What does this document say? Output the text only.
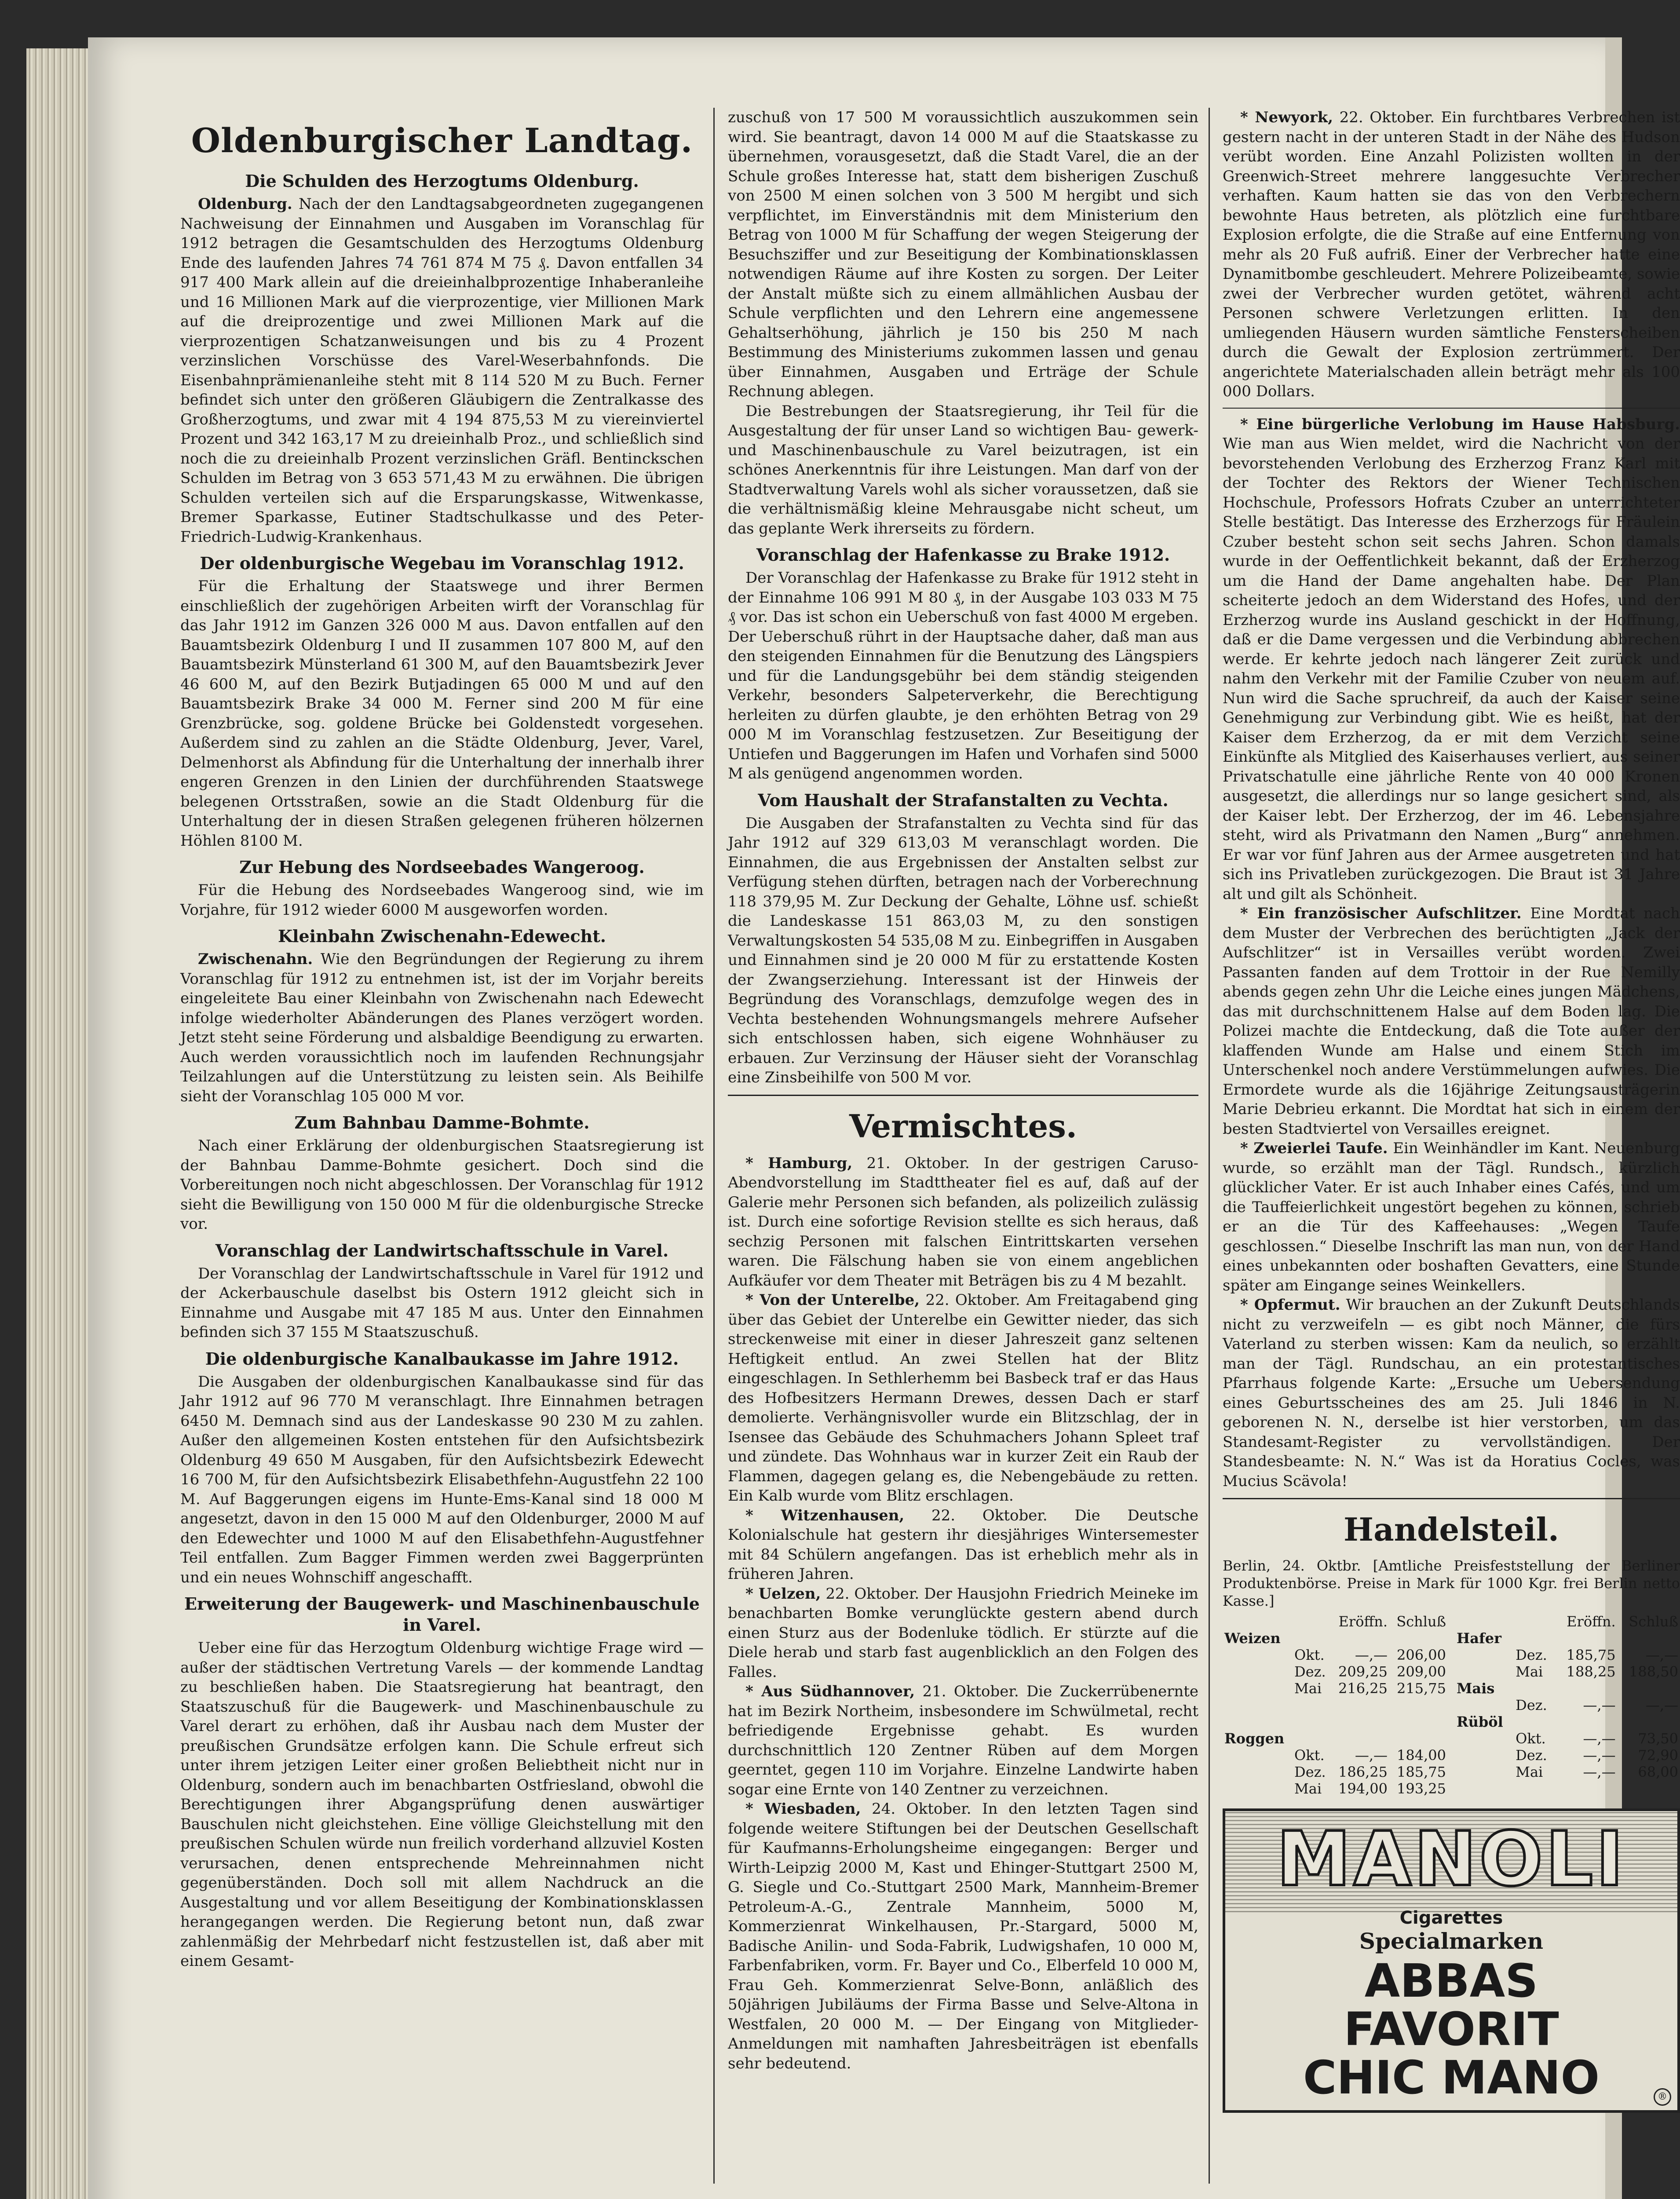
Oldenburgischer Landtag.
Die Schulden des Herzogtums Oldenburg.

Oldenburg. Nach der den Landtagsabgeordneten zugegangenen Nachweisung der Einnahmen und Ausgaben im Voranschlag für 1912 betragen die Gesamtschulden des Herzogtums Oldenburg Ende des laufenden Jahres 74 761 874 M 75 ₰. Davon entfallen 34 917 400 Mark allein auf die dreieinhalbprozentige Inhaberanleihe und 16 Millionen Mark auf die vierprozentige, vier Millionen Mark auf die dreiprozentige und zwei Millionen Mark auf die vierprozentigen Schatzanweisungen und bis zu 4 Prozent verzinslichen Vorschüsse des Varel-Weserbahnfonds. Die Eisenbahnprämienanleihe steht mit 8 114 520 M zu Buch. Ferner befindet sich unter den größeren Gläubigern die Zentralkasse des Großherzogtums, und zwar mit 4 194 875,53 M zu viereinviertel Prozent und 342 163,17 M zu dreieinhalb Proz., und schließlich sind noch die zu dreieinhalb Prozent verzinslichen Gräfl. Bentinckschen Schulden im Betrag von 3 653 571,43 M zu erwähnen. Die übrigen Schulden verteilen sich auf die Ersparungskasse, Witwenkasse, Bremer Sparkasse, Eutiner Stadtschulkasse und des Peter-Friedrich-Ludwig-Krankenhaus.

Der oldenburgische Wegebau im Voranschlag 1912.

Für die Erhaltung der Staatswege und ihrer Bermen einschließlich der zugehörigen Arbeiten wirft der Voranschlag für das Jahr 1912 im Ganzen 326 000 M aus. Davon entfallen auf den Bauamtsbezirk Oldenburg I und II zusammen 107 800 M, auf den Bauamtsbezirk Münsterland 61 300 M, auf den Bauamtsbezirk Jever 46 600 M, auf den Bezirk Butjadingen 65 000 M und auf den Bauamtsbezirk Brake 34 000 M. Ferner sind 200 M für eine Grenzbrücke, sog. goldene Brücke bei Goldenstedt vorgesehen. Außerdem sind zu zahlen an die Städte Oldenburg, Jever, Varel, Delmenhorst als Abfindung für die Unterhaltung der innerhalb ihrer engeren Grenzen in den Linien der durchführenden Staatswege belegenen Ortsstraßen, sowie an die Stadt Oldenburg für die Unterhaltung der in diesen Straßen gelegenen früheren hölzernen Höhlen 8100 M.

Zur Hebung des Nordseebades Wangeroog.

Für die Hebung des Nordseebades Wangeroog sind, wie im Vorjahre, für 1912 wieder 6000 M ausgeworfen worden.

Kleinbahn Zwischenahn-Edewecht.

Zwischenahn. Wie den Begründungen der Regierung zu ihrem Voranschlag für 1912 zu entnehmen ist, ist der im Vorjahr bereits eingeleitete Bau einer Kleinbahn von Zwischenahn nach Edewecht infolge wiederholter Abänderungen des Planes verzögert worden. Jetzt steht seine Förderung und alsbaldige Beendigung zu erwarten. Auch werden voraussichtlich noch im laufenden Rechnungsjahr Teilzahlungen auf die Unterstützung zu leisten sein. Als Beihilfe sieht der Voranschlag 105 000 M vor.

Zum Bahnbau Damme-Bohmte.

Nach einer Erklärung der oldenburgischen Staatsregierung ist der Bahnbau Damme-Bohmte gesichert. Doch sind die Vorbereitungen noch nicht abgeschlossen. Der Voranschlag für 1912 sieht die Bewilligung von 150 000 M für die oldenburgische Strecke vor.

Voranschlag der Landwirtschaftsschule in Varel.

Der Voranschlag der Landwirtschaftsschule in Varel für 1912 und der Ackerbauschule daselbst bis Ostern 1912 gleicht sich in Einnahme und Ausgabe mit 47 185 M aus. Unter den Einnahmen befinden sich 37 155 M Staatszuschuß.

Die oldenburgische Kanalbaukasse im Jahre 1912.

Die Ausgaben der oldenburgischen Kanalbaukasse sind für das Jahr 1912 auf 96 770 M veranschlagt. Ihre Einnahmen betragen 6450 M. Demnach sind aus der Landeskasse 90 230 M zu zahlen. Außer den allgemeinen Kosten entstehen für den Aufsichtsbezirk Oldenburg 49 650 M Ausgaben, für den Aufsichtsbezirk Edewecht 16 700 M, für den Aufsichtsbezirk Elisabethfehn-Augustfehn 22 100 M. Auf Baggerungen eigens im Hunte-Ems-Kanal sind 18 000 M angesetzt, davon in den 15 000 M auf den Oldenburger, 2000 M auf den Edewechter und 1000 M auf den Elisabethfehn-Augustfehner Teil entfallen. Zum Bagger Fimmen werden zwei Baggerprünten und ein neues Wohnschiff angeschafft.

Erweiterung der Baugewerk- und Maschinenbauschule in Varel.

Ueber eine für das Herzogtum Oldenburg wichtige Frage wird — außer der städtischen Vertretung Varels — der kommende Landtag zu beschließen haben. Die Staatsregierung hat beantragt, den Staatszuschuß für die Baugewerk- und Maschinenbauschule zu Varel derart zu erhöhen, daß ihr Ausbau nach dem Muster der preußischen Grundsätze erfolgen kann. Die Schule erfreut sich unter ihrem jetzigen Leiter einer großen Beliebtheit nicht nur in Oldenburg, sondern auch im benachbarten Ostfriesland, obwohl die Berechtigungen ihrer Abgangsprüfung denen auswärtiger Bauschulen nicht gleichstehen. Eine völlige Gleichstellung mit den preußischen Schulen würde nun freilich vorderhand allzuviel Kosten verursachen, denen entsprechende Mehreinnahmen nicht gegenüberständen. Doch soll mit allem Nachdruck an die Ausgestaltung und vor allem Beseitigung der Kombinationsklassen herangegangen werden. Die Regierung betont nun, daß zwar zahlenmäßig der Mehrbedarf nicht festzustellen ist, daß aber mit einem Gesamt-

zuschuß von 17 500 M voraussichtlich auszukommen sein wird. Sie beantragt, davon 14 000 M auf die Staatskasse zu übernehmen, vorausgesetzt, daß die Stadt Varel, die an der Schule großes Interesse hat, statt dem bisherigen Zuschuß von 2500 M einen solchen von 3 500 M hergibt und sich verpflichtet, im Einverständnis mit dem Ministerium den Betrag von 1000 M für Schaffung der wegen Steigerung der Besuchsziffer und zur Beseitigung der Kombinationsklassen notwendigen Räume auf ihre Kosten zu sorgen. Der Leiter der Anstalt müßte sich zu einem allmählichen Ausbau der Schule verpflichten und den Lehrern eine angemessene Gehaltserhöhung, jährlich je 150 bis 250 M nach Bestimmung des Ministeriums zukommen lassen und genau über Einnahmen, Ausgaben und Erträge der Schule Rechnung ablegen.

Die Bestrebungen der Staatsregierung, ihr Teil für die Ausgestaltung der für unser Land so wichtigen Bau- gewerk- und Maschinenbauschule zu Varel beizutragen, ist ein schönes Anerkenntnis für ihre Leistungen. Man darf von der Stadtverwaltung Varels wohl als sicher voraussetzen, daß sie die verhältnismäßig kleine Mehrausgabe nicht scheut, um das geplante Werk ihrerseits zu fördern.

Voranschlag der Hafenkasse zu Brake 1912.

Der Voranschlag der Hafenkasse zu Brake für 1912 steht in der Einnahme 106 991 M 80 ₰, in der Ausgabe 103 033 M 75 ₰ vor. Das ist schon ein Ueberschuß von fast 4000 M ergeben. Der Ueberschuß rührt in der Hauptsache daher, daß man aus den steigenden Einnahmen für die Benutzung des Längspiers und für die Landungsgebühr bei dem ständig steigenden Verkehr, besonders Salpeterverkehr, die Berechtigung herleiten zu dürfen glaubte, je den erhöhten Betrag von 29 000 M im Voranschlag festzusetzen. Zur Beseitigung der Untiefen und Baggerungen im Hafen und Vorhafen sind 5000 M als genügend angenommen worden.

Vom Haushalt der Strafanstalten zu Vechta.

Die Ausgaben der Strafanstalten zu Vechta sind für das Jahr 1912 auf 329 613,03 M veranschlagt worden. Die Einnahmen, die aus Ergebnissen der Anstalten selbst zur Verfügung stehen dürften, betragen nach der Vorberechnung 118 379,95 M. Zur Deckung der Gehalte, Löhne usf. schießt die Landeskasse 151 863,03 M, zu den sonstigen Verwaltungskosten 54 535,08 M zu. Einbegriffen in Ausgaben und Einnahmen sind je 20 000 M für zu erstattende Kosten der Zwangserziehung. Interessant ist der Hinweis der Begründung des Voranschlags, demzufolge wegen des in Vechta bestehenden Wohnungsmangels mehrere Aufseher sich entschlossen haben, sich eigene Wohnhäuser zu erbauen. Zur Verzinsung der Häuser sieht der Voranschlag eine Zinsbeihilfe von 500 M vor.

Vermischtes.

* Hamburg, 21. Oktober. In der gestrigen Caruso-Abendvorstellung im Stadttheater fiel es auf, daß auf der Galerie mehr Personen sich befanden, als polizeilich zulässig ist. Durch eine sofortige Revision stellte es sich heraus, daß sechzig Personen mit falschen Eintrittskarten versehen waren. Die Fälschung haben sie von einem angeblichen Aufkäufer vor dem Theater mit Beträgen bis zu 4 M bezahlt.

* Von der Unterelbe, 22. Oktober. Am Freitagabend ging über das Gebiet der Unterelbe ein Gewitter nieder, das sich streckenweise mit einer in dieser Jahreszeit ganz seltenen Heftigkeit entlud. An zwei Stellen hat der Blitz eingeschlagen. In Sethlerhemm bei Basbeck traf er das Haus des Hofbesitzers Hermann Drewes, dessen Dach er starf demolierte. Verhängnisvoller wurde ein Blitzschlag, der in Isensee das Gebäude des Schuhmachers Johann Spleet traf und zündete. Das Wohnhaus war in kurzer Zeit ein Raub der Flammen, dagegen gelang es, die Nebengebäude zu retten. Ein Kalb wurde vom Blitz erschlagen.

* Witzenhausen, 22. Oktober. Die Deutsche Kolonialschule hat gestern ihr diesjähriges Wintersemester mit 84 Schülern angefangen. Das ist erheblich mehr als in früheren Jahren.

* Uelzen, 22. Oktober. Der Hausjohn Friedrich Meineke im benachbarten Bomke verunglückte gestern abend durch einen Sturz aus der Bodenluke tödlich. Er stürzte auf die Diele herab und starb fast augenblicklich an den Folgen des Falles.

* Aus Südhannover, 21. Oktober. Die Zuckerrübenernte hat im Bezirk Northeim, insbesondere im Schwülmetal, recht befriedigende Ergebnisse gehabt. Es wurden durchschnittlich 120 Zentner Rüben auf dem Morgen geerntet, gegen 110 im Vorjahre. Einzelne Landwirte haben sogar eine Ernte von 140 Zentner zu verzeichnen.

* Wiesbaden, 24. Oktober. In den letzten Tagen sind folgende weitere Stiftungen bei der Deutschen Gesellschaft für Kaufmanns-Erholungsheime eingegangen: Berger und Wirth-Leipzig 2000 M, Kast und Ehinger-Stuttgart 2500 M, G. Siegle und Co.-Stuttgart 2500 Mark, Mannheim-Bremer Petroleum-A.-G., Zentrale Mannheim, 5000 M, Kommerzienrat Winkelhausen, Pr.-Stargard, 5000 M, Badische Anilin- und Soda-Fabrik, Ludwigshafen, 10 000 M, Farbenfabriken, vorm. Fr. Bayer und Co., Elberfeld 10 000 M, Frau Geh. Kommerzienrat Selve-Bonn, anläßlich des 50jährigen Jubiläums der Firma Basse und Selve-Altona in Westfalen, 20 000 M. — Der Eingang von Mitglieder-Anmeldungen mit namhaften Jahresbeiträgen ist ebenfalls sehr bedeutend.

* Newyork, 22. Oktober. Ein furchtbares Verbrechen ist gestern nacht in der unteren Stadt in der Nähe des Hudson verübt worden. Eine Anzahl Polizisten wollten in der Greenwich-Street mehrere langgesuchte Verbrecher verhaften. Kaum hatten sie das von den Verbrechern bewohnte Haus betreten, als plötzlich eine furchtbare Explosion erfolgte, die die Straße auf eine Entfernung von mehr als 20 Fuß aufriß. Einer der Verbrecher hatte eine Dynamitbombe geschleudert. Mehrere Polizeibeamte, sowie zwei der Verbrecher wurden getötet, während acht Personen schwere Verletzungen erlitten. In den umliegenden Häusern wurden sämtliche Fensterscheiben durch die Gewalt der Explosion zertrümmert. Der angerichtete Materialschaden allein beträgt mehr als 100 000 Dollars.

* Eine bürgerliche Verlobung im Hause Habsburg. Wie man aus Wien meldet, wird die Nachricht von der bevorstehenden Verlobung des Erzherzog Franz Karl mit der Tochter des Rektors der Wiener Technischen Hochschule, Professors Hofrats Czuber an unterrichteter Stelle bestätigt. Das Interesse des Erzherzogs für Fräulein Czuber besteht schon seit sechs Jahren. Schon damals wurde in der Oeffentlichkeit bekannt, daß der Erzherzog um die Hand der Dame angehalten habe. Der Plan scheiterte jedoch an dem Widerstand des Hofes, und der Erzherzog wurde ins Ausland geschickt in der Hoffnung, daß er die Dame vergessen und die Verbindung abbrechen werde. Er kehrte jedoch nach längerer Zeit zurück und nahm den Verkehr mit der Familie Czuber von neuem auf. Nun wird die Sache spruchreif, da auch der Kaiser seine Genehmigung zur Verbindung gibt. Wie es heißt, hat der Kaiser dem Erzherzog, da er mit dem Verzicht seine Einkünfte als Mitglied des Kaiserhauses verliert, aus seiner Privatschatulle eine jährliche Rente von 40 000 Kronen ausgesetzt, die allerdings nur so lange gesichert sind, als der Kaiser lebt. Der Erzherzog, der im 46. Lebensjahre steht, wird als Privatmann den Namen „Burg“ annehmen. Er war vor fünf Jahren aus der Armee ausgetreten und hat sich ins Privatleben zurückgezogen. Die Braut ist 31 Jahre alt und gilt als Schönheit.

* Ein französischer Aufschlitzer. Eine Mordtat nach dem Muster der Verbrechen des berüchtigten „Jack der Aufschlitzer“ ist in Versailles verübt worden. Zwei Passanten fanden auf dem Trottoir in der Rue Nemilly abends gegen zehn Uhr die Leiche eines jungen Mädchens, das mit durchschnittenem Halse auf dem Boden lag. Die Polizei machte die Entdeckung, daß die Tote außer der klaffenden Wunde am Halse und einem Stich im Unterschenkel noch andere Verstümmelungen aufwies. Die Ermordete wurde als die 16jährige Zeitungsausträgerin Marie Debrieu erkannt. Die Mordtat hat sich in einem der besten Stadtviertel von Versailles ereignet.

* Zweierlei Taufe. Ein Weinhändler im Kant. Neuenburg wurde, so erzählt man der Tägl. Rundsch., kürzlich glücklicher Vater. Er ist auch Inhaber eines Cafés, und um die Tauffeierlichkeit ungestört begehen zu können, schrieb er an die Tür des Kaffeehauses: „Wegen Taufe geschlossen.“ Dieselbe Inschrift las man nun, von der Hand eines unbekannten oder boshaften Gevatters, eine Stunde später am Eingange seines Weinkellers.

* Opfermut. Wir brauchen an der Zukunft Deutschlands nicht zu verzweifeln — es gibt noch Männer, die fürs Vaterland zu sterben wissen: Kam da neulich, so erzählt man der Tägl. Rundschau, an ein protestantisches Pfarrhaus folgende Karte: „Ersuche um Uebersendung eines Geburtsscheines des am 25. Juli 1846 in N. geborenen N. N., derselbe ist hier verstorben, um das Standesamt-Register zu vervollständigen. Der Standesbeamte: N. N.“ Was ist da Horatius Cocles, was Mucius Scävola!

Handelsteil.
Berlin, 24. Oktbr. [Amtliche Preisfeststellung der Berliner Produktenbörse. Preise in Mark für 1000 Kgr. frei Berlin netto Kasse.]
		Eröffn.	Schluß
Weizen			
	Okt.	—,—	206,00
	Dez.	209,25	209,00
	Mai	216,25	215,75

Roggen			
	Okt.	—,—	184,00
	Dez.	186,25	185,75
	Mai	194,00	193,25
		Eröffn.	Schluß
Hafer			
	Dez.	185,75	—,—
	Mai	188,25	188,50
Mais			
	Dez.	—,—	—,—
Rüböl			
	Okt.	—,—	73,50
	Dez.	—,—	72,90
	Mai	—,—	68,00

MANOLI
Cigarettes
Specialmarken
ABBAS
FAVORIT
CHIC MANO	®
